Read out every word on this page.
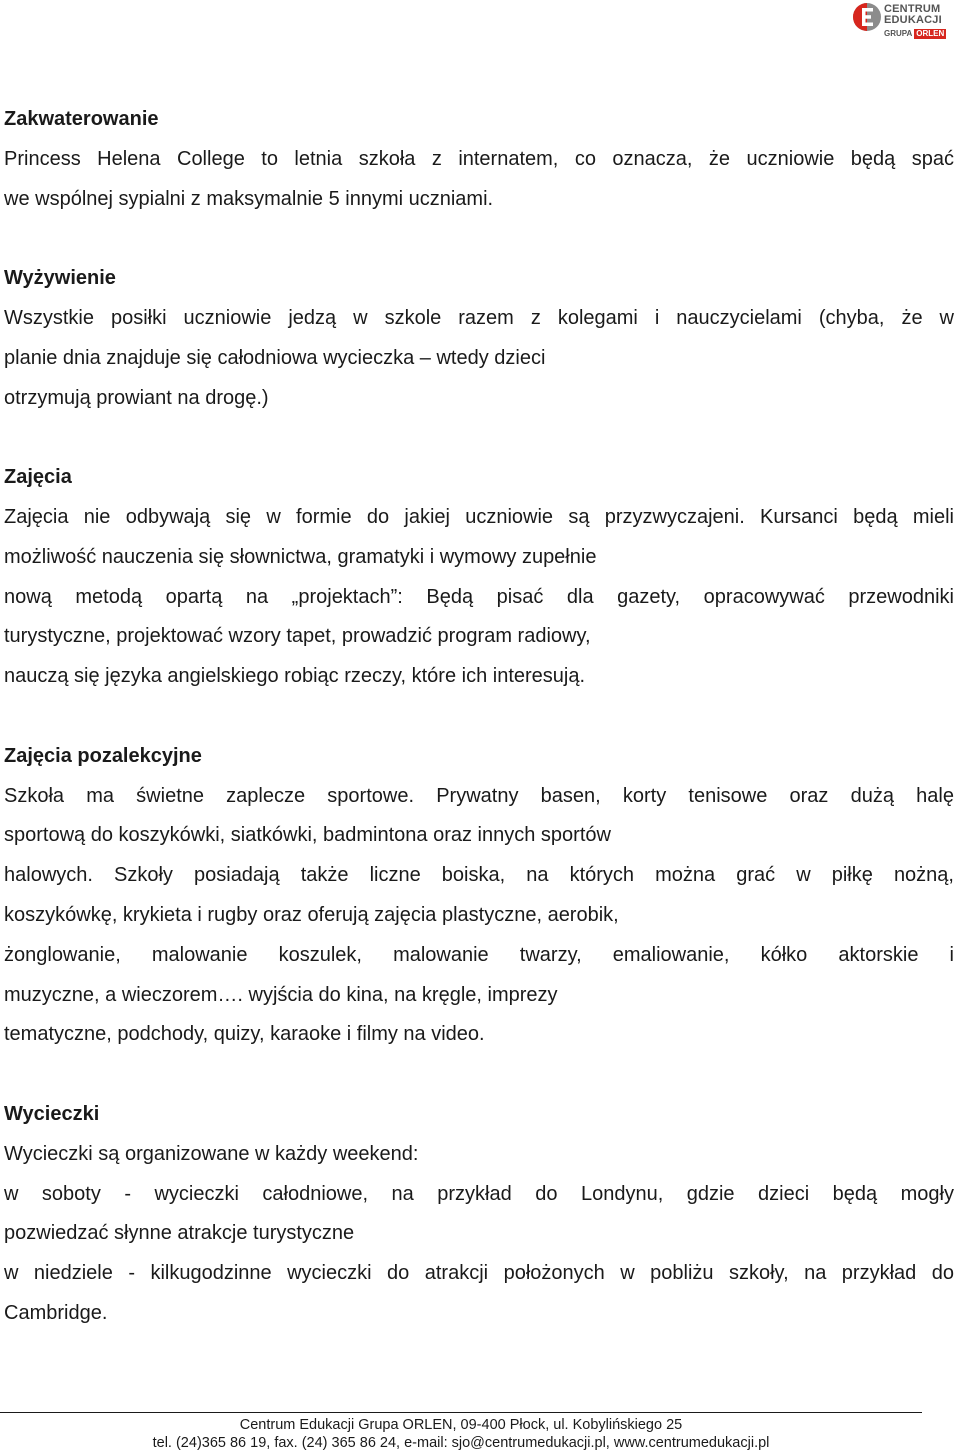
CENTRUM
EDUKACJI
GRUPA ORLEN
Zakwaterowanie
Princess Helena College to letnia szkoła z internatem, co oznacza, że uczniowie będą spać
we wspólnej sypialni z maksymalnie 5 innymi uczniami.
Wyżywienie
Wszystkie posiłki uczniowie jedzą w szkole razem z kolegami i nauczycielami (chyba, że w
planie dnia znajduje się całodniowa wycieczka – wtedy dzieci
otrzymują prowiant na drogę.)
Zajęcia
Zajęcia nie odbywają się w formie do jakiej uczniowie są przyzwyczajeni. Kursanci będą mieli
możliwość nauczenia się słownictwa, gramatyki i wymowy zupełnie
nową metodą opartą na „projektach”: Będą pisać dla gazety, opracowywać przewodniki
turystyczne, projektować wzory tapet, prowadzić program radiowy,
nauczą się języka angielskiego robiąc rzeczy, które ich interesują.
Zajęcia pozalekcyjne
Szkoła ma świetne zaplecze sportowe. Prywatny basen, korty tenisowe oraz dużą halę
sportową do koszykówki, siatkówki, badmintona oraz innych sportów
halowych. Szkoły posiadają także liczne boiska, na których można grać w piłkę nożną,
koszykówkę, krykieta i rugby oraz oferują zajęcia plastyczne, aerobik,
żonglowanie, malowanie koszulek, malowanie twarzy, emaliowanie, kółko aktorskie i
muzyczne, a wieczorem…. wyjścia do kina, na kręgle, imprezy
tematyczne, podchody, quizy, karaoke i filmy na video.
Wycieczki
Wycieczki są organizowane w każdy weekend:
w soboty - wycieczki całodniowe, na przykład do Londynu, gdzie dzieci będą mogły
pozwiedzać słynne atrakcje turystyczne
w niedziele - kilkugodzinne wycieczki do atrakcji położonych w pobliżu szkoły, na przykład do
Cambridge.
Centrum Edukacji Grupa ORLEN, 09-400 Płock, ul. Kobylińskiego 25
tel. (24)365 86 19, fax. (24) 365 86 24, e-mail: sjo@centrumedukacji.pl, www.centrumedukacji.pl
